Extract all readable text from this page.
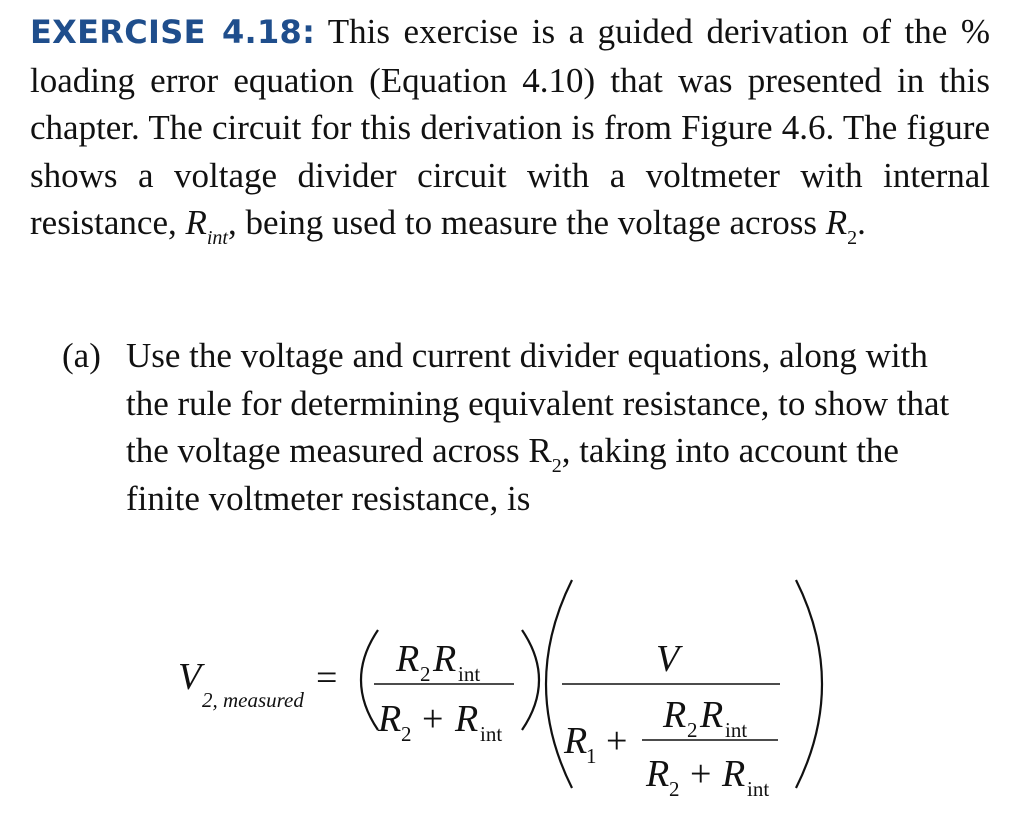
EXERCISE 4.18: This exercise is a guided derivation of the % loading error equation (Equation 4.10) that was presented in this chapter. The circuit for this derivation is from Figure 4.6. The figure shows a voltage divider circuit with a voltmeter with internal resistance, $R_{int}$, being used to measure the voltage across $R_2$.
(a) Use the voltage and current divider equations, along with the rule for determining equivalent resistance, to show that the voltage measured across $R_2$, taking into account the finite voltmeter resistance, is
V
2, measured
= R 2 R int
R 2 + R int
V
R
1 +
R 2 R int
R 2 + R int
